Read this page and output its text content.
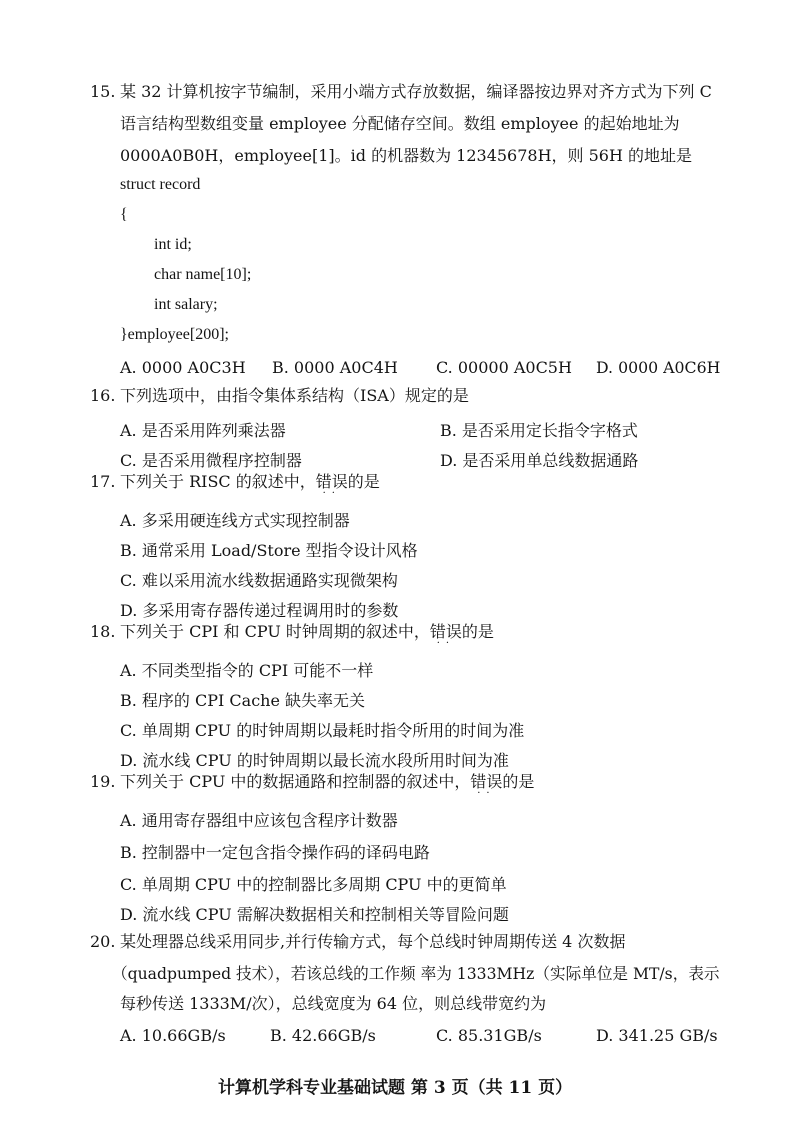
15. 某 32 计算机按字节编制，采用小端方式存放数据，编译器按边界对齐方式为下列 C
语言结构型数组变量 employee 分配储存空间。数组 employee 的起始地址为
0000A0B0H，employee[1]。id 的机器数为 12345678H，则 56H 的地址是
struct record
{
int id;
char name[10];
int salary;
}employee[200];
A. 0000 A0C3H B. 0000 A0C4H C. 00000 A0C5H D. 0000 A0C6H
16. 下列选项中，由指令集体系结构（ISA）规定的是
A. 是否采用阵列乘法器	B. 是否采用定长指令字格式
C. 是否采用微程序控制器	D. 是否采用单总线数据通路
17. 下列关于 RISC 的叙述中，错误
··
的是
A. 多采用硬连线方式实现控制器
B. 通常采用 Load/Store 型指令设计风格
C. 难以采用流水线数据通路实现微架构
D. 多采用寄存器传递过程调用时的参数
18. 下列关于 CPI 和 CPU 时钟周期的叙述中，错误
··
的是
A. 不同类型指令的 CPI 可能不一样
B. 程序的 CPI Cache 缺失率无关
C. 单周期 CPU 的时钟周期以最耗时指令所用的时间为准
D. 流水线 CPU 的时钟周期以最长流水段所用时间为准
19. 下列关于 CPU 中的数据通路和控制器的叙述中，错误
··
的是
A. 通用寄存器组中应该包含程序计数器
B. 控制器中一定包含指令操作码的译码电路
C. 单周期 CPU 中的控制器比多周期 CPU 中的更简单
D. 流水线 CPU 需解决数据相关和控制相关等冒险问题
20. 某处理器总线采用同步,并行传输方式，每个总线时钟周期传送 4 次数据
（quadpumped 技术），若该总线的工作频 率为 1333MHz（实际单位是 MT/s，表示
每秒传送 1333M/次），总线宽度为 64 位，则总线带宽约为
A. 10.66GB/s	B. 42.66GB/s	C. 85.31GB/s	D. 341.25 GB/s
计算机学科专业基础试题 第 3 页（共 11 页）
